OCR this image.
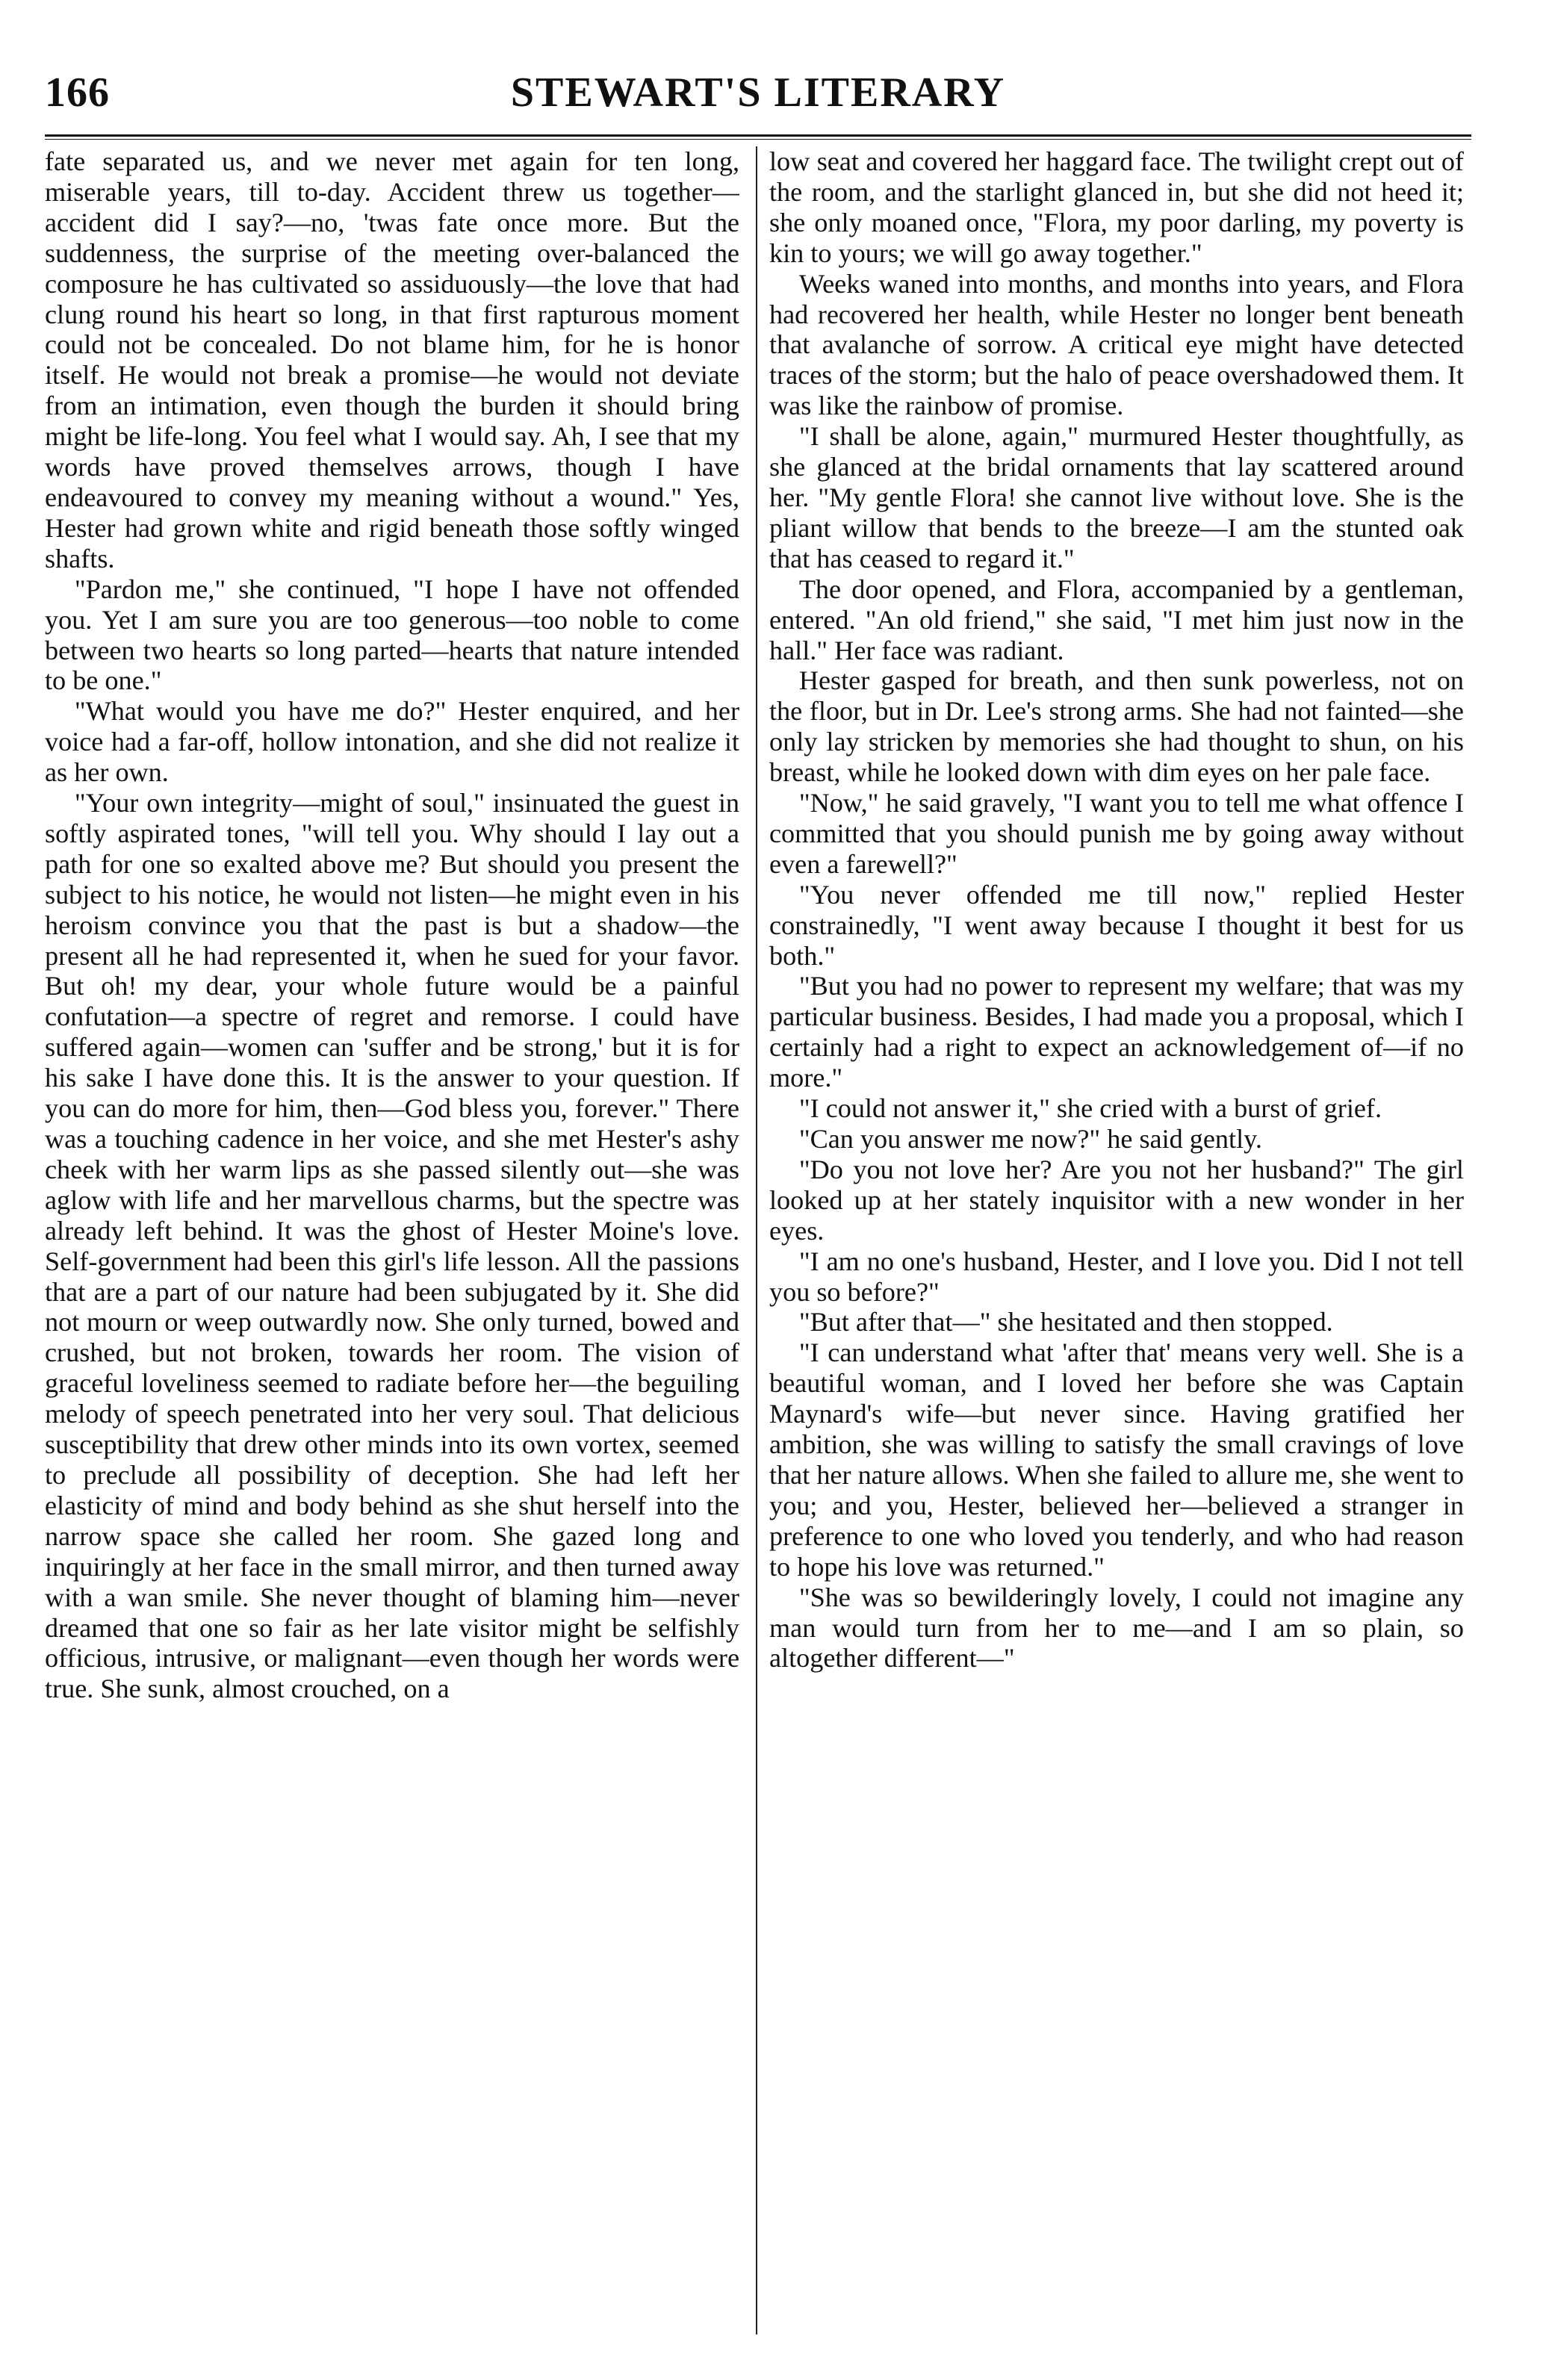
166	STEWART'S LITERARY

fate separated us, and we never met again for ten long, miserable years, till to-day. Accident threw us together—accident did I say?—no, 'twas fate once more. But the suddenness, the surprise of the meeting over-balanced the composure he has cultivated so assiduously—the love that had clung round his heart so long, in that first rapturous moment could not be concealed. Do not blame him, for he is honor itself. He would not break a promise—he would not deviate from an intimation, even though the burden it should bring might be life-long. You feel what I would say. Ah, I see that my words have proved themselves arrows, though I have endeavoured to convey my meaning without a wound." Yes, Hester had grown white and rigid beneath those softly winged shafts.

"Pardon me," she continued, "I hope I have not offended you. Yet I am sure you are too generous—too noble to come between two hearts so long parted—hearts that nature intended to be one."

"What would you have me do?" Hester enquired, and her voice had a far-off, hollow intonation, and she did not realize it as her own.

"Your own integrity—might of soul," insinuated the guest in softly aspirated tones, "will tell you. Why should I lay out a path for one so exalted above me? But should you present the subject to his notice, he would not listen—he might even in his heroism convince you that the past is but a shadow—the present all he had represented it, when he sued for your favor. But oh! my dear, your whole future would be a painful confutation—a spectre of regret and remorse. I could have suffered again—women can 'suffer and be strong,' but it is for his sake I have done this. It is the answer to your question. If you can do more for him, then—God bless you, forever." There was a touching cadence in her voice, and she met Hester's ashy cheek with her warm lips as she passed silently out—she was aglow with life and her marvellous charms, but the spectre was already left behind. It was the ghost of Hester Moine's love. Self-government had been this girl's life lesson. All the passions that are a part of our nature had been subjugated by it. She did not mourn or weep outwardly now. She only turned, bowed and crushed, but not broken, towards her room. The vision of graceful loveliness seemed to radiate before her—the beguiling melody of speech penetrated into her very soul. That delicious susceptibility that drew other minds into its own vortex, seemed to preclude all possibility of deception. She had left her elasticity of mind and body behind as she shut herself into the narrow space she called her room. She gazed long and inquiringly at her face in the small mirror, and then turned away with a wan smile. She never thought of blaming him—never dreamed that one so fair as her late visitor might be selfishly officious, intrusive, or malignant—even though her words were true. She sunk, almost crouched, on a

low seat and covered her haggard face. The twilight crept out of the room, and the starlight glanced in, but she did not heed it; she only moaned once, "Flora, my poor darling, my poverty is kin to yours; we will go away together."

Weeks waned into months, and months into years, and Flora had recovered her health, while Hester no longer bent beneath that avalanche of sorrow. A critical eye might have detected traces of the storm; but the halo of peace overshadowed them. It was like the rainbow of promise.

"I shall be alone, again," murmured Hester thoughtfully, as she glanced at the bridal ornaments that lay scattered around her. "My gentle Flora! she cannot live without love. She is the pliant willow that bends to the breeze—I am the stunted oak that has ceased to regard it."

The door opened, and Flora, accompanied by a gentleman, entered. "An old friend," she said, "I met him just now in the hall." Her face was radiant.

Hester gasped for breath, and then sunk powerless, not on the floor, but in Dr. Lee's strong arms. She had not fainted—she only lay stricken by memories she had thought to shun, on his breast, while he looked down with dim eyes on her pale face.

"Now," he said gravely, "I want you to tell me what offence I committed that you should punish me by going away without even a farewell?"

"You never offended me till now," replied Hester constrainedly, "I went away because I thought it best for us both."

"But you had no power to represent my welfare; that was my particular business. Besides, I had made you a proposal, which I certainly had a right to expect an acknowledgement of—if no more."

"I could not answer it," she cried with a burst of grief.

"Can you answer me now?" he said gently.

"Do you not love her? Are you not her husband?" The girl looked up at her stately inquisitor with a new wonder in her eyes.

"I am no one's husband, Hester, and I love you. Did I not tell you so before?"

"But after that—" she hesitated and then stopped.

"I can understand what 'after that' means very well. She is a beautiful woman, and I loved her before she was Captain Maynard's wife—but never since. Having gratified her ambition, she was willing to satisfy the small cravings of love that her nature allows. When she failed to allure me, she went to you; and you, Hester, believed her—believed a stranger in preference to one who loved you tenderly, and who had reason to hope his love was returned."

"She was so bewilderingly lovely, I could not imagine any man would turn from her to me—and I am so plain, so altogether different—"
